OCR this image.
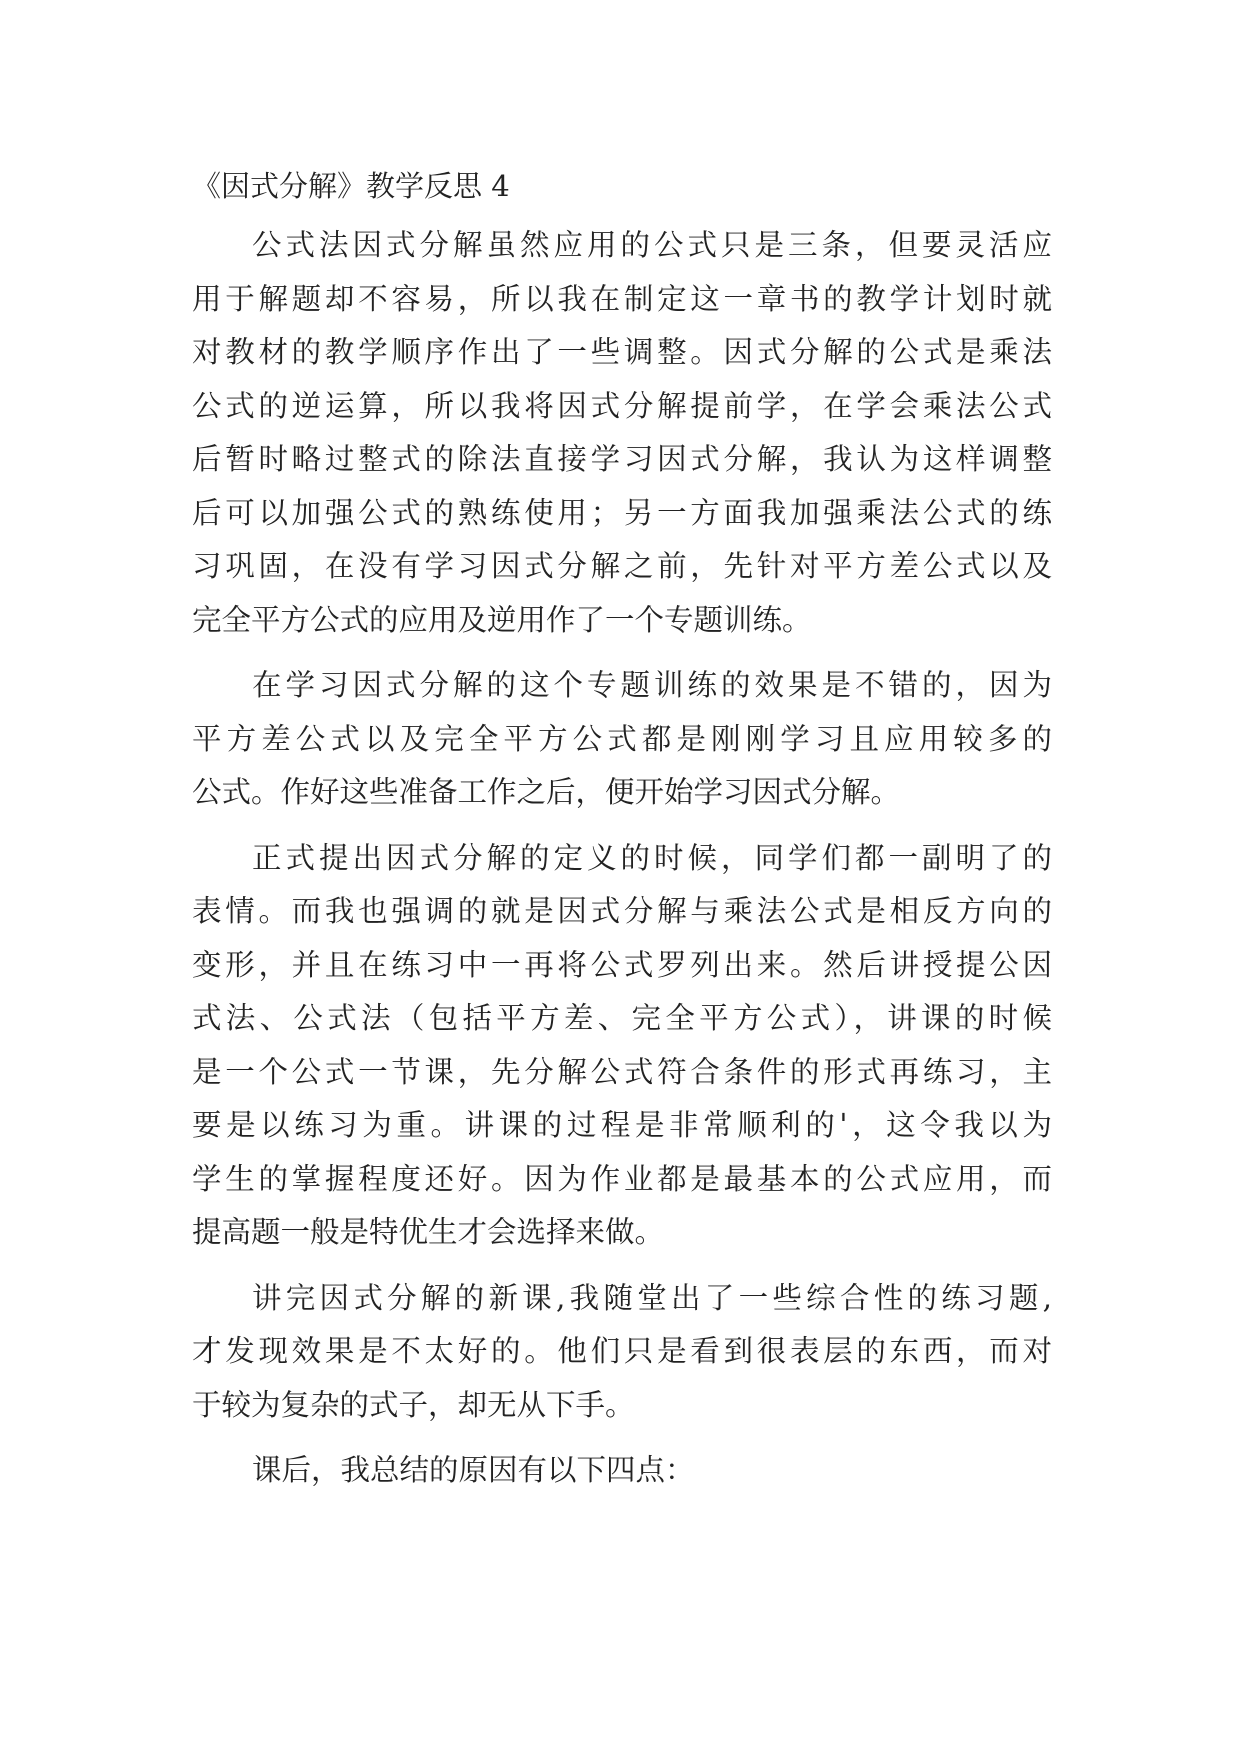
《因式分解》教学反思 4
公式法因式分解虽然应用的公式只是三条，但要灵活应
用于解题却不容易，所以我在制定这一章书的教学计划时就
对教材的教学顺序作出了一些调整。因式分解的公式是乘法
公式的逆运算，所以我将因式分解提前学，在学会乘法公式
后暂时略过整式的除法直接学习因式分解，我认为这样调整
后可以加强公式的熟练使用；另一方面我加强乘法公式的练
习巩固，在没有学习因式分解之前，先针对平方差公式以及
完全平方公式的应用及逆用作了一个专题训练。
在学习因式分解的这个专题训练的效果是不错的，因为
平方差公式以及完全平方公式都是刚刚学习且应用较多的
公式。作好这些准备工作之后，便开始学习因式分解。
正式提出因式分解的定义的时候，同学们都一副明了的
表情。而我也强调的就是因式分解与乘法公式是相反方向的
变形，并且在练习中一再将公式罗列出来。然后讲授提公因
式法、公式法（包括平方差、完全平方公式），讲课的时候
是一个公式一节课，先分解公式符合条件的形式再练习，主
要是以练习为重。讲课的过程是非常顺利的'，这令我以为
学生的掌握程度还好。因为作业都是最基本的公式应用，而
提高题一般是特优生才会选择来做。
讲完因式分解的新课,我随堂出了一些综合性的练习题,
才发现效果是不太好的。他们只是看到很表层的东西，而对
于较为复杂的式子，却无从下手。
课后，我总结的原因有以下四点：
